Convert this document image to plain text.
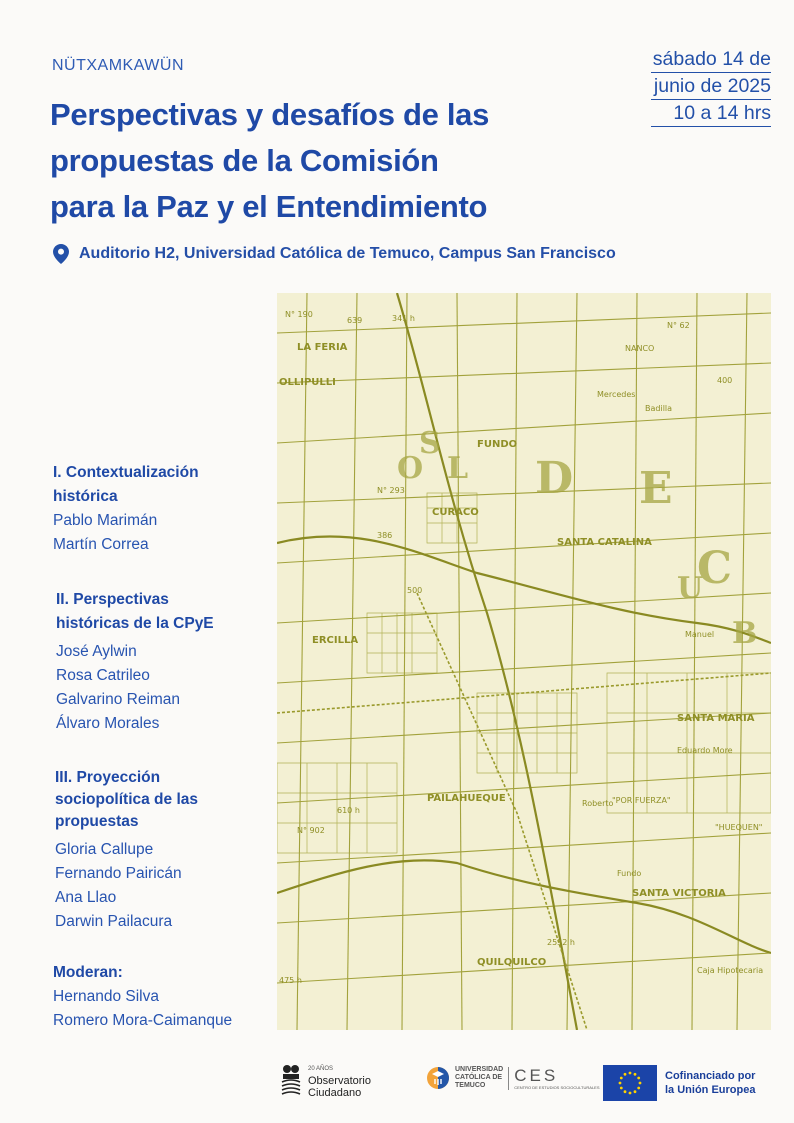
NÜTXAMKAWÜN
Perspectivas y desafíos de las
propuestas de la Comisión
para la Paz y el Entendimiento
sábado 14 de
junio de 2025
10 a 14 hrs
Auditorio H2, Universidad Católica de Temuco, Campus San Francisco
LA FERIA
OLLIPULLI
CURACO
ERCILLA
PAILAHUEQUE
QUILQUILCO
FUNDO
SANTA CATALINA
SANTA MARIA
SANTA VICTORIA
Eduardo More
Manuel
Roberto
Mercedes
Fundo
"POR FUERZA"
"HUEQUEN"
Caja Hipotecaria
N° 190
N° 293
N° 62
N° 902
475 h
2532 h
639
500
386
400
341 h
610 h
NANCO
Badilla
D E
L
O
C
S
U
B
I. Contextualización
histórica
Pablo Marimán
Martín Correa
II. Perspectivas
históricas de la CPyE
José Aylwin
Rosa Catrileo
Galvarino Reiman
Álvaro Morales
III. Proyección
sociopolítica de las
propuestas
Gloria Callupe
Fernando Pairicán
Ana Llao
Darwin Pailacura
Moderan:
Hernando Silva
Romero Mora-Caimanque
20 AÑOS
Observatorio
Ciudadano
UNIVERSIDAD
CATÓLICA DE
TEMUCO
CES
CENTRO DE ESTUDIOS SOCIOCULTURALES
Cofinanciado por
la Unión Europea
